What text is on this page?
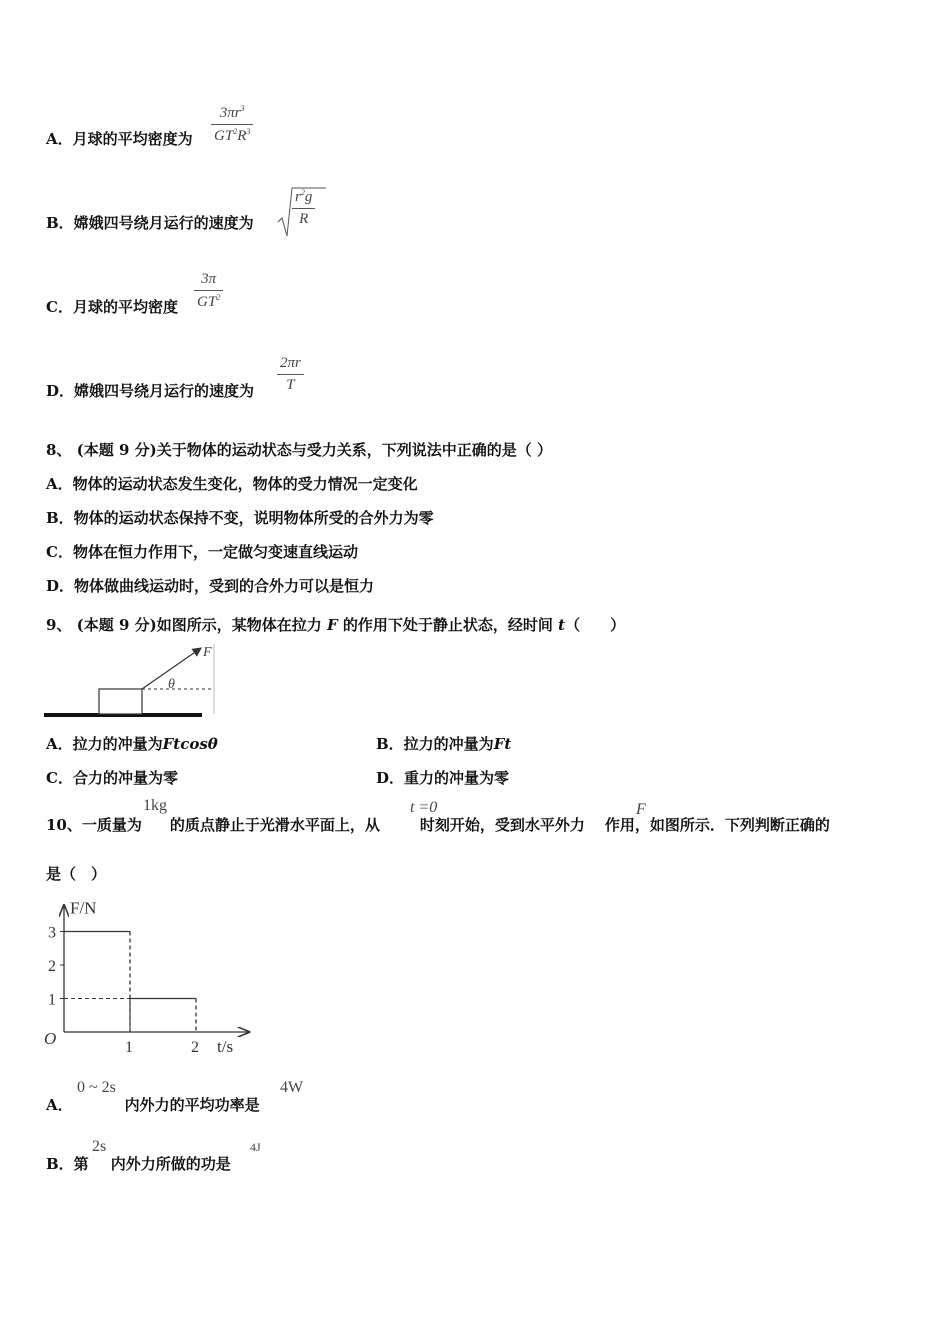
A．月球的平均密度为
$3\pi r^3$
$GT^2R^3$
B．嫦娥四号绕月运行的速度为
$r^2g$
R
C．月球的平均密度
3π
$GT^2$
D．嫦娥四号绕月运行的速度为
2πr
T
8、 (本题 9 分)关于物体的运动状态与受力关系，下列说法中正确的是（ ）
A．物体的运动状态发生变化，物体的受力情况一定变化
B．物体的运动状态保持不变，说明物体所受的合外力为零
C．物体在恒力作用下，一定做匀变速直线运动
D．物体做曲线运动时，受到的合外力可以是恒力
9、 (本题 9 分)如图所示，某物体在拉力 F 的作用下处于静止状态，经时间 t（　　）
F
θ
A．拉力的冲量为Ftcosθ	B．拉力的冲量为Ft
C．合力的冲量为零	D．重力的冲量为零
10、一质量为 的质点静止于光滑水平面上，从	时刻开始，受到水平外力 作用，如图所示．下列判断正确的
1kg	t =0	F
是（　）
F/N
t/s
O
1
2
3
1	2
A．	内外力的平均功率是
0 ~ 2s	4W
B．第 内外力所做的功是
2s	4J
